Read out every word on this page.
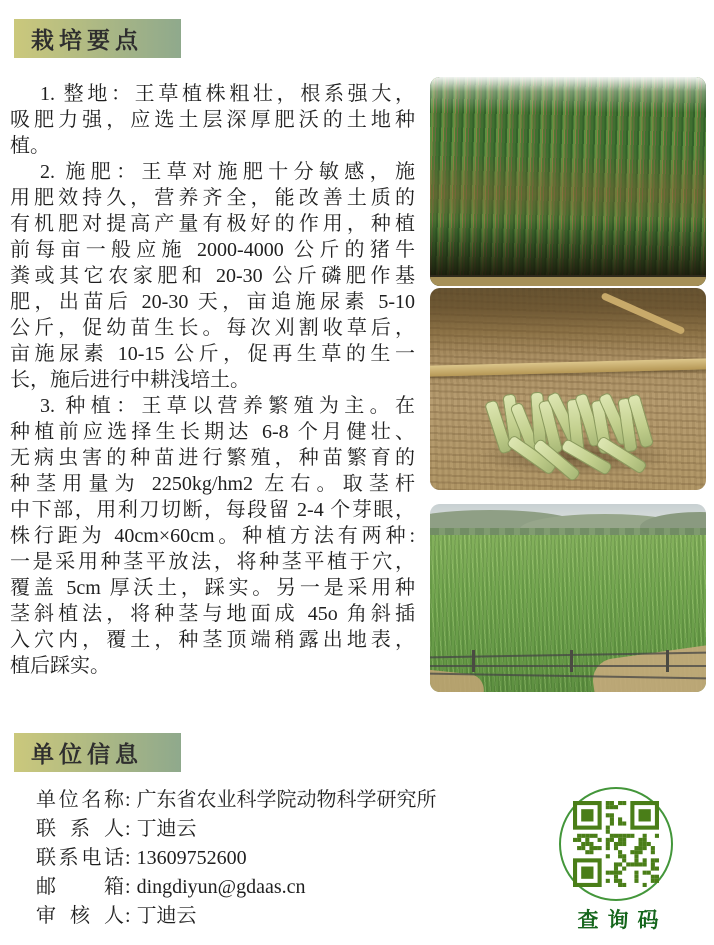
栽培要点
1. 整地：王草植株粗壮，根系强大，
吸肥力强，应选土层深厚肥沃的土地种
植。
2. 施肥：王草对施肥十分敏感，施
用肥效持久，营养齐全，能改善土质的
有机肥对提高产量有极好的作用，种植
前每亩一般应施 2000-4000 公斤的猪牛
粪或其它农家肥和 20-30 公斤磷肥作基
肥，出苗后 20-30 天，亩追施尿素 5-10
公斤，促幼苗生长。每次刈割收草后，
亩施尿素 10-15 公斤，促再生草的生一
长，施后进行中耕浅培土。
3. 种植：王草以营养繁殖为主。在
种植前应选择生长期达 6-8 个月健壮、
无病虫害的种苗进行繁殖，种苗繁育的
种茎用量为 2250kg/hm2 左右。取茎杆
中下部，用利刀切断，每段留 2-4 个芽眼，
株行距为 40cm×60cm。种植方法有两种:
一是采用种茎平放法，将种茎平植于穴，
覆盖 5cm 厚沃土，踩实。另一是采用种
茎斜植法，将种茎与地面成 45o 角斜插
入穴内，覆土，种茎顶端稍露出地表，
植后踩实。
单位信息
单位名称: 广东省农业科学院动物科学研究所
联系人: 丁迪云
联系电话: 13609752600
邮箱: dingdiyun@gdaas.cn
审核人: 丁迪云	查询码
